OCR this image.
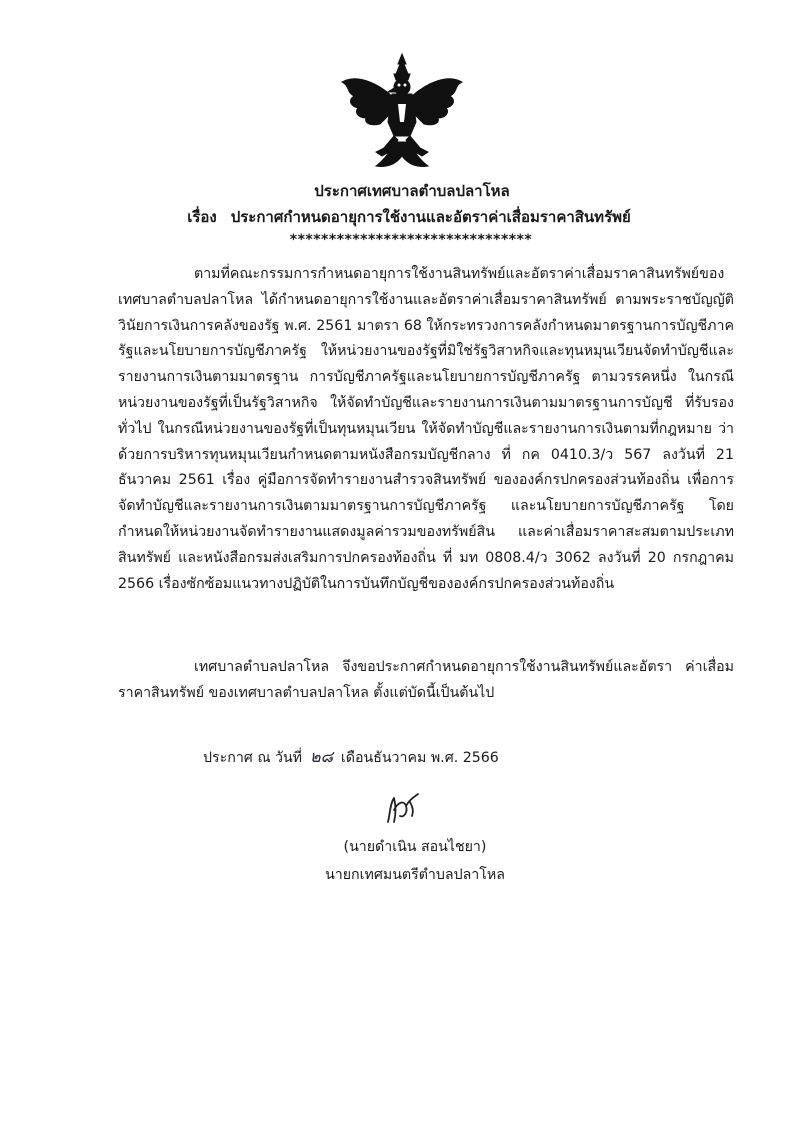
ประกาศเทศบาลตำบลปลาโหล
เรื่อง ประกาศกำหนดอายุการใช้งานและอัตราค่าเสื่อมราคาสินทรัพย์
*******************************
ตามที่คณะกรรมการกำหนดอายุการใช้งานสินทรัพย์และอัตราค่าเสื่อมราคาสินทรัพย์ของเทศบาลตำบลปลาโหล ได้กำหนดอายุการใช้งานและอัตราค่าเสื่อมราคาสินทรัพย์ ตามพระราชบัญญัติวินัยการเงินการคลังของรัฐ พ.ศ. 2561 มาตรา 68 ให้กระทรวงการคลังกำหนดมาตรฐานการบัญชีภาครัฐและนโยบายการบัญชีภาครัฐ ให้หน่วยงานของรัฐที่มิใช่รัฐวิสาหกิจและทุนหมุนเวียนจัดทำบัญชีและรายงานการเงินตามมาตรฐาน การบัญชีภาครัฐและนโยบายการบัญชีภาครัฐ ตามวรรคหนึ่ง ในกรณีหน่วยงานของรัฐที่เป็นรัฐวิสาหกิจ ให้จัดทำบัญชีและรายงานการเงินตามมาตรฐานการบัญชี ที่รับรองทั่วไป ในกรณีหน่วยงานของรัฐที่เป็นทุนหมุนเวียน ให้จัดทำบัญชีและรายงานการเงินตามที่กฎหมาย ว่าด้วยการบริหารทุนหมุนเวียนกำหนดตามหนังสือกรมบัญชีกลาง ที่ กค 0410.3/ว 567 ลงวันที่ 21 ธันวาคม 2561 เรื่อง คู่มือการจัดทำรายงานสำรวจสินทรัพย์ ขององค์กรปกครองส่วนท้องถิ่น เพื่อการจัดทำบัญชีและรายงานการเงินตามมาตรฐานการบัญชีภาครัฐ และนโยบายการบัญชีภาครัฐ โดยกำหนดให้หน่วยงานจัดทำรายงานแสดงมูลค่ารวมของทรัพย์สิน และค่าเสื่อมราคาสะสมตามประเภทสินทรัพย์ และหนังสือกรมส่งเสริมการปกครองท้องถิ่น ที่ มท 0808.4/ว 3062 ลงวันที่ 20 กรกฎาคม 2566 เรื่องซักซ้อมแนวทางปฏิบัติในการบันทึกบัญชีขององค์กรปกครองส่วนท้องถิ่น
เทศบาลตำบลปลาโหล จึงขอประกาศกำหนดอายุการใช้งานสินทรัพย์และอัตรา ค่าเสื่อมราคาสินทรัพย์ ของเทศบาลตำบลปลาโหล ตั้งแต่บัดนี้เป็นต้นไป
ประกาศ ณ วันที่ ๒๘ เดือนธันวาคม พ.ศ. 2566
(นายดำเนิน สอนไชยา)
นายกเทศมนตรีตำบลปลาโหล
